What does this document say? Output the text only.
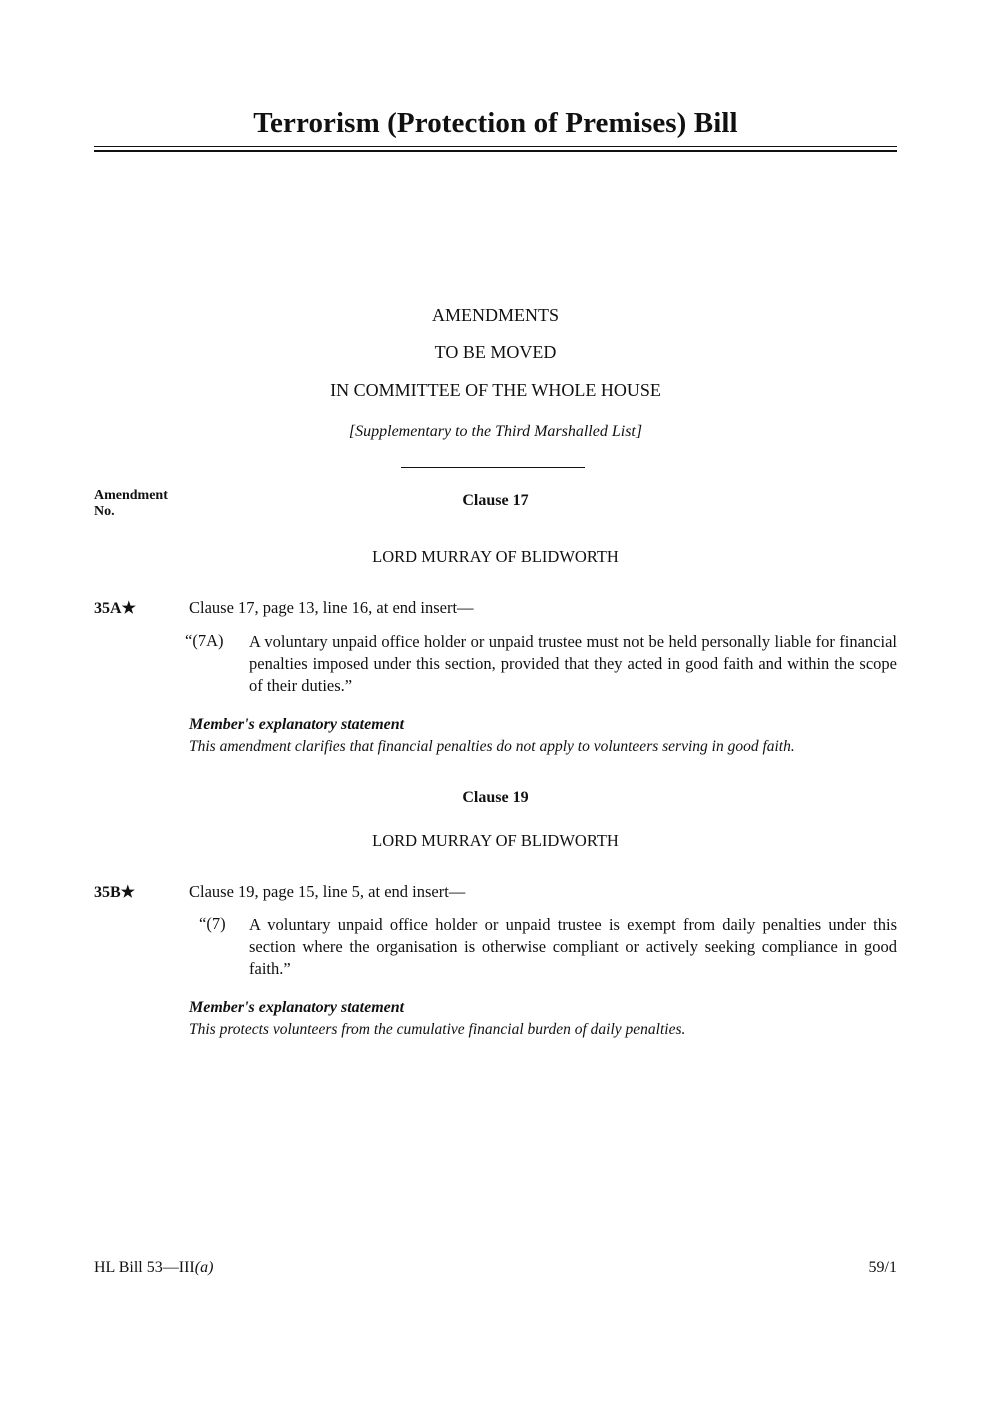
Terrorism (Protection of Premises) Bill
AMENDMENTS
TO BE MOVED
IN COMMITTEE OF THE WHOLE HOUSE
[Supplementary to the Third Marshalled List]
Amendment
No.
Clause 17
LORD MURRAY OF BLIDWORTH
35A★	Clause 17, page 13, line 16, at end insert—
“(7A) A voluntary unpaid office holder or unpaid trustee must not be held personally liable for financial penalties imposed under this section, provided that they acted in good faith and within the scope of their duties.”
Member's explanatory statement
This amendment clarifies that financial penalties do not apply to volunteers serving in good faith.
Clause 19
LORD MURRAY OF BLIDWORTH
35B★	Clause 19, page 15, line 5, at end insert—
“(7) A voluntary unpaid office holder or unpaid trustee is exempt from daily penalties under this section where the organisation is otherwise compliant or actively seeking compliance in good faith.”
Member's explanatory statement
This protects volunteers from the cumulative financial burden of daily penalties.
HL Bill 53—III(a)	59/1
